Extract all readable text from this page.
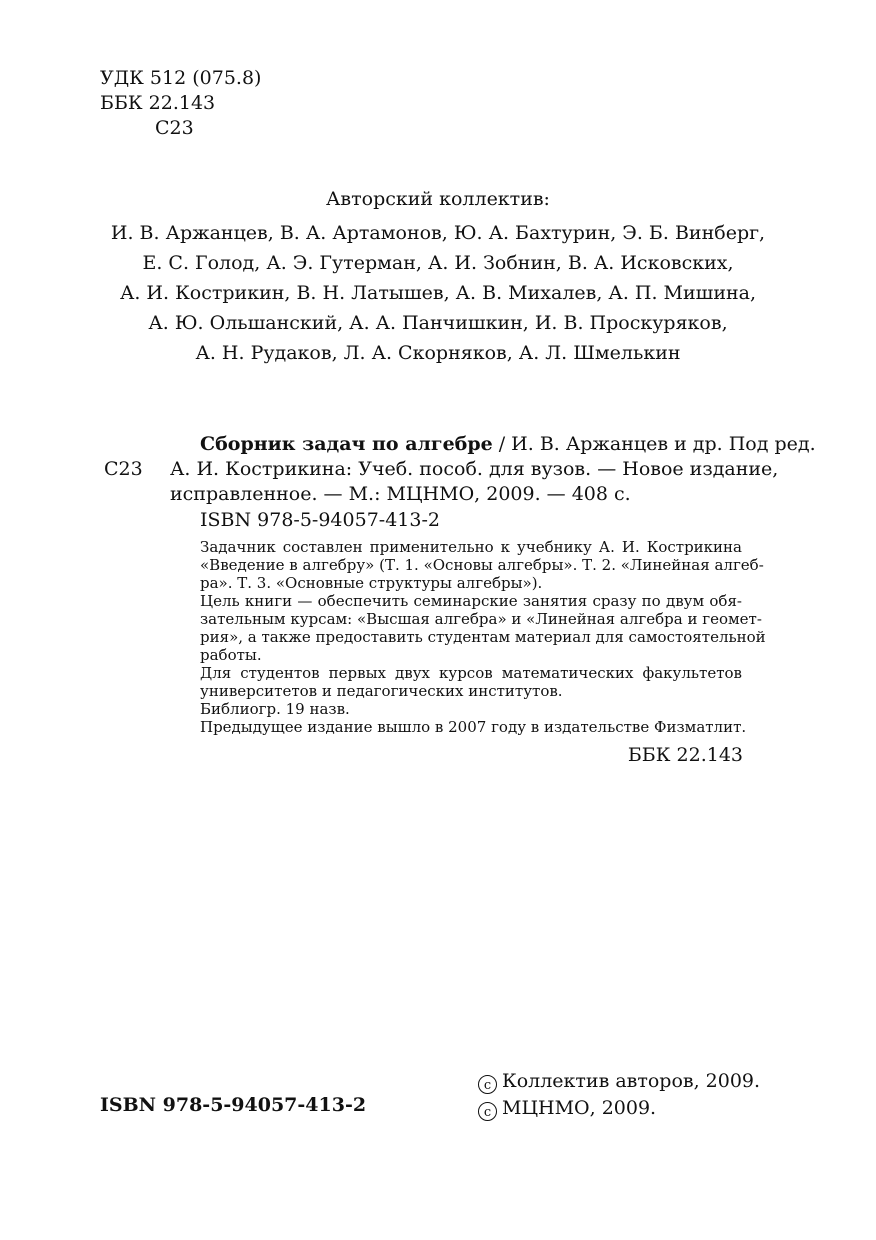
УДК 512 (075.8)
ББК 22.143
С23
Авторский коллектив:
И. В. Аржанцев, В. А. Артамонов, Ю. А. Бахтурин, Э. Б. Винберг,
Е. С. Голод, А. Э. Гутерман, А. И. Зобнин, В. А. Исковских,
А. И. Кострикин, В. Н. Латышев, А. В. Михалев, А. П. Мишина,
А. Ю. Ольшанский, А. А. Панчишкин, И. В. Проскуряков,
А. Н. Рудаков, Л. А. Скорняков, А. Л. Шмелькин
С23
Сборник задач по алгебре / И. В. Аржанцев и др. Под ред.
А. И. Кострикина: Учеб. пособ. для вузов. — Новое издание,
исправленное. — М.: МЦНМО, 2009. — 408 с.
ISBN 978-5-94057-413-2
Задачник составлен применительно к учебнику А. И. Кострикина
«Введение в алгебру» (Т. 1. «Основы алгебры». Т. 2. «Линейная алгеб-
ра». Т. 3. «Основные структуры алгебры»).
Цель книги — обеспечить семинарские занятия сразу по двум обя-
зательным курсам: «Высшая алгебра» и «Линейная алгебра и геомет-
рия», а также предоставить студентам материал для самостоятельной
работы.
Для студентов первых двух курсов математических факультетов
университетов и педагогических институтов.
Библиогр. 19 назв.
Предыдущее издание вышло в 2007 году в издательстве Физматлит.
ББК 22.143
ISBN 978-5-94057-413-2
c Коллектив авторов, 2009.
c МЦНМО, 2009.
